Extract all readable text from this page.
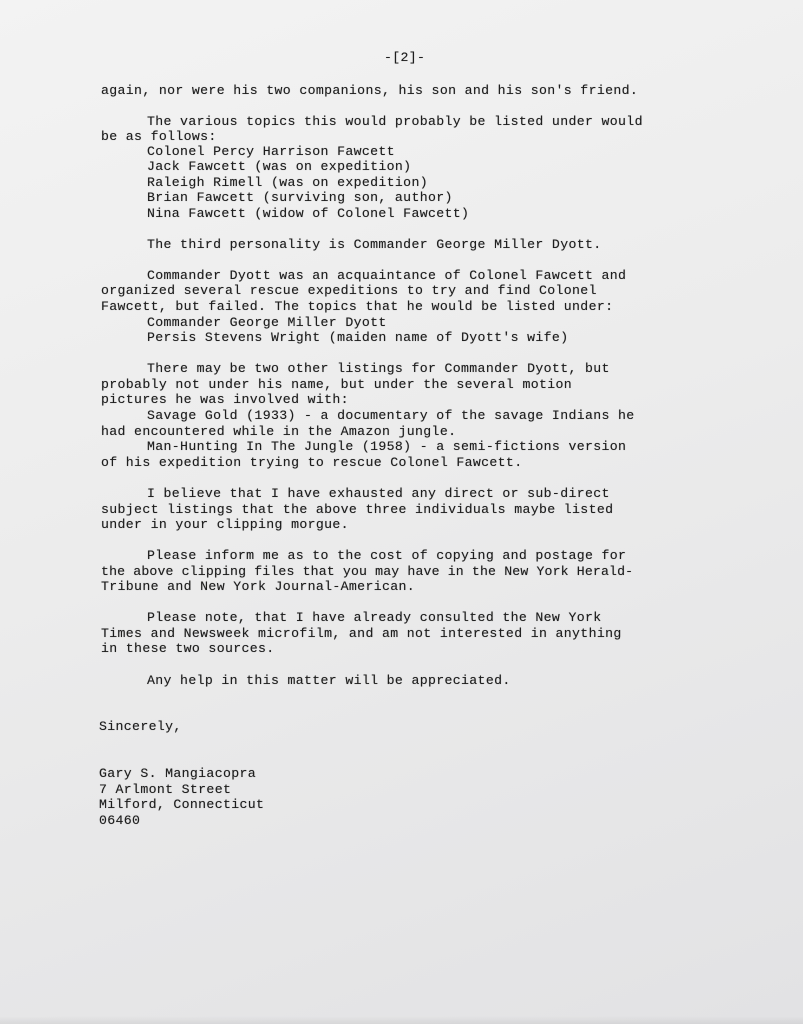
-[2]-
again, nor were his two companions, his son and his son's friend.
The various topics this would probably be listed under would
be as follows:
Colonel Percy Harrison Fawcett
Jack Fawcett (was on expedition)
Raleigh Rimell (was on expedition)
Brian Fawcett (surviving son, author)
Nina Fawcett (widow of Colonel Fawcett)
The third personality is Commander George Miller Dyott.
Commander Dyott was an acquaintance of Colonel Fawcett and
organized several rescue expeditions to try and find Colonel
Fawcett, but failed. The topics that he would be listed under:
Commander George Miller Dyott
Persis Stevens Wright (maiden name of Dyott's wife)
There may be two other listings for Commander Dyott, but
probably not under his name, but under the several motion
pictures he was involved with:
Savage Gold (1933) - a documentary of the savage Indians he
had encountered while in the Amazon jungle.
Man-Hunting In The Jungle (1958) - a semi-fictions version
of his expedition trying to rescue Colonel Fawcett.
I believe that I have exhausted any direct or sub-direct
subject listings that the above three individuals maybe listed
under in your clipping morgue.
Please inform me as to the cost of copying and postage for
the above clipping files that you may have in the New York Herald-
Tribune and New York Journal-American.
Please note, that I have already consulted the New York
Times and Newsweek microfilm, and am not interested in anything
in these two sources.
Any help in this matter will be appreciated.
Sincerely,
Gary S. Mangiacopra
7 Arlmont Street
Milford, Connecticut
06460
